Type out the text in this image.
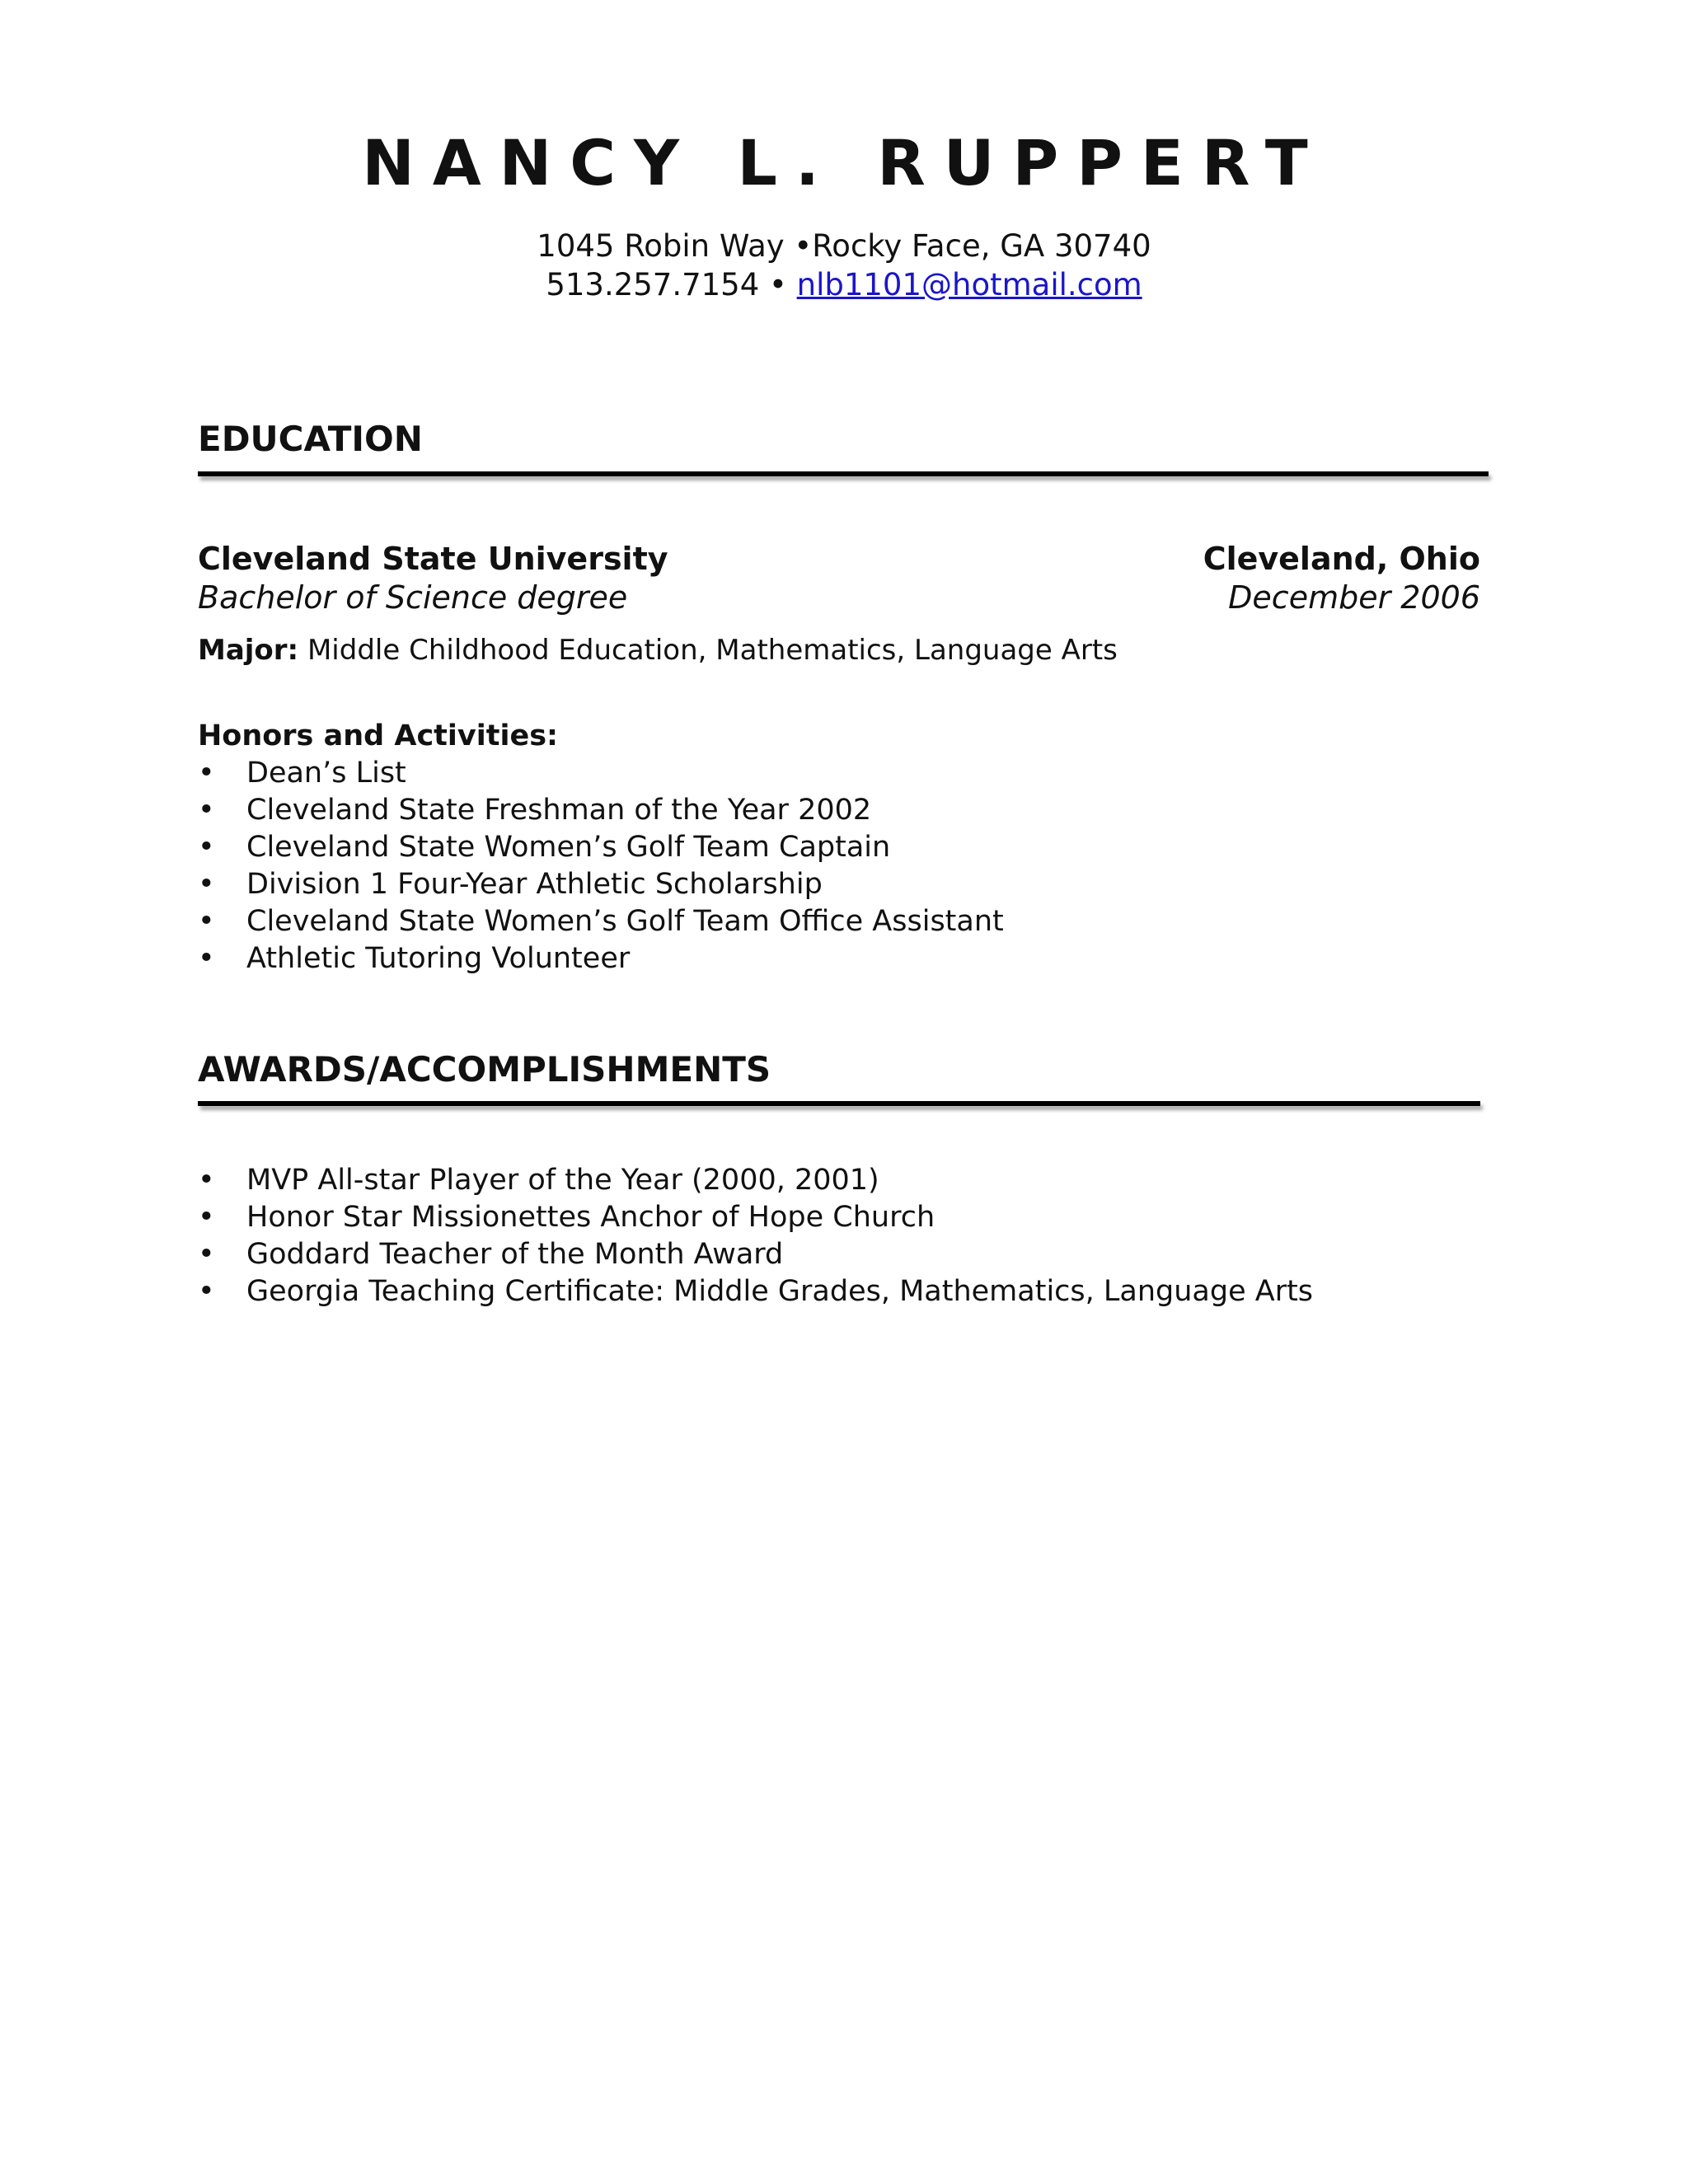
NANCY L. RUPPERT
1045 Robin Way •Rocky Face, GA 30740
513.257.7154 • nlb1101@hotmail.com
EDUCATION
Cleveland State University	Cleveland, Ohio
Bachelor of Science degree	December 2006
Major: Middle Childhood Education, Mathematics, Language Arts
Honors and Activities:
• Dean’s List
• Cleveland State Freshman of the Year 2002
• Cleveland State Women’s Golf Team Captain
• Division 1 Four-Year Athletic Scholarship
• Cleveland State Women’s Golf Team Office Assistant
• Athletic Tutoring Volunteer
AWARDS/ACCOMPLISHMENTS
• MVP All-star Player of the Year (2000, 2001)
• Honor Star Missionettes Anchor of Hope Church
• Goddard Teacher of the Month Award
• Georgia Teaching Certificate: Middle Grades, Mathematics, Language Arts
